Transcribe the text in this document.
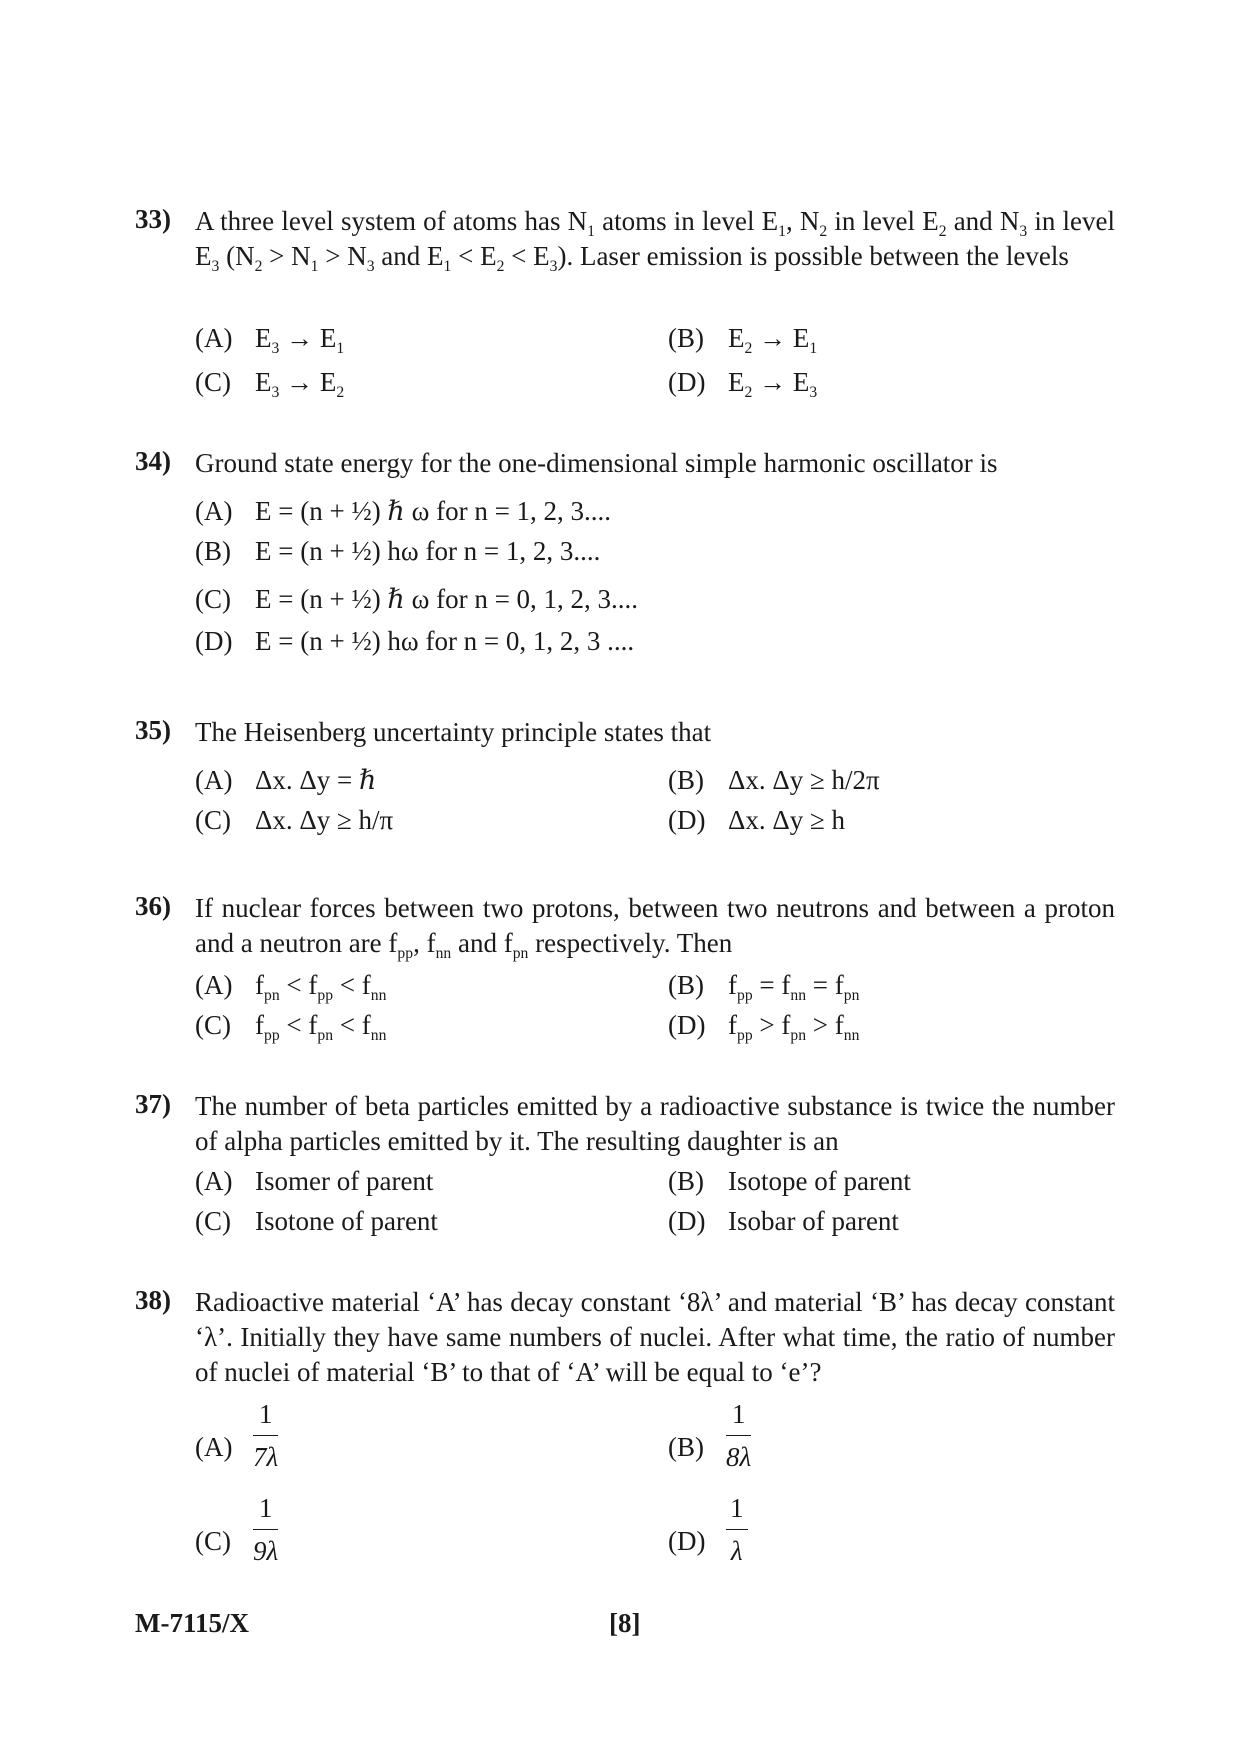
33) A three level system of atoms has $N_1$ atoms in level $E_1$, $N_2$ in level $E_2$ and $N_3$ in level $E_3$ ($N_2 > N_1 > N_3$ and $E_1 < E_2 < E_3$). Laser emission is possible between the levels
(A) $E_3 \to E_1$	(B) $E_2 \to E_1$
(C) $E_3 \to E_2$	(D) $E_2 \to E_3$
34) Ground state energy for the one-dimensional simple harmonic oscillator is
(A) E = (n + ½) ℏ ω for n = 1, 2, 3....
(B) E = (n + ½) hω for n = 1, 2, 3....
(C) E = (n + ½) ℏ ω for n = 0, 1, 2, 3....
(D) E = (n + ½) hω for n = 0, 1, 2, 3 ....
35) The Heisenberg uncertainty principle states that
(A) Δx. Δy = ℏ	(B) Δx. Δy ≥ h/2π
(C) Δx. Δy ≥ h/π	(D) Δx. Δy ≥ h
36) If nuclear forces between two protons, between two neutrons and between a proton and a neutron are $f_{pp}$, $f_{nn}$ and $f_{pn}$ respectively. Then
(A) $f_{pn} < f_{pp} < f_{nn}$	(B) $f_{pp} = f_{nn} = f_{pn}$
(C) $f_{pp} < f_{pn} < f_{nn}$	(D) $f_{pp} > f_{pn} > f_{nn}$
37) The number of beta particles emitted by a radioactive substance is twice the number of alpha particles emitted by it. The resulting daughter is an
(A) Isomer of parent	(B) Isotope of parent
(C) Isotone of parent	(D) Isobar of parent
38) Radioactive material ‘A’ has decay constant ‘8λ’ and material ‘B’ has decay constant ‘λ’. Initially they have same numbers of nuclei. After what time, the ratio of number of nuclei of material ‘B’ to that of ‘A’ will be equal to ‘e’?
$(A) \frac{1}{7\lambda}$	$(B) \frac{1}{8\lambda}$
$(C) \frac{1}{9\lambda}$	$(D) \frac{1}{\lambda}$
M-7115/X	[8]
